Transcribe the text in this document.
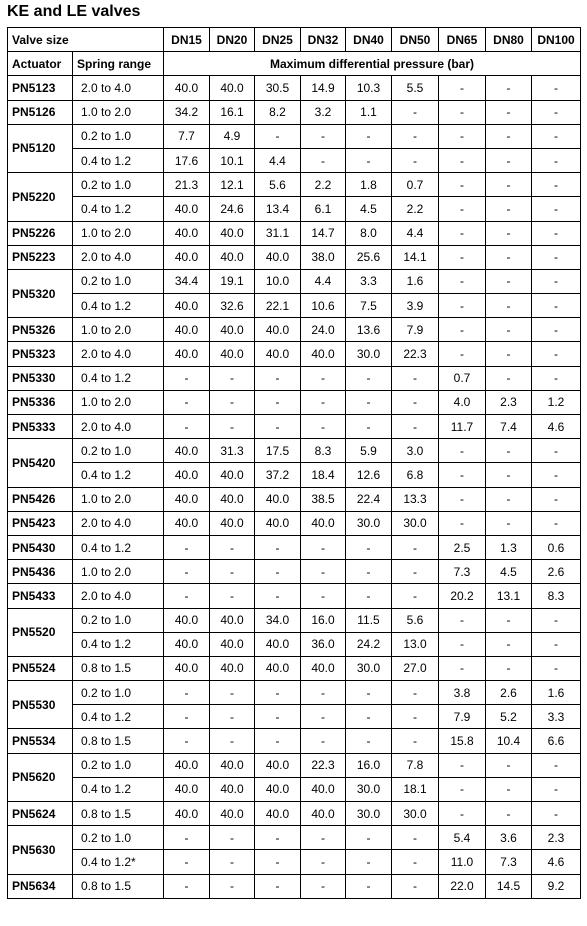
KE and LE valves
Valve size		DN15	DN20	DN25	DN32	DN40	DN50	DN65	DN80	DN100
Actuator	Spring range	Maximum differential pressure (bar)								
PN5123	2.0 to 4.0	40.0	40.0	30.5	14.9	10.3	5.5	-	-	-
PN5126	1.0 to 2.0	34.2	16.1	8.2	3.2	1.1	-	-	-	-
PN5120	0.2 to 1.0	7.7	4.9	-	-	-	-	-	-	-
	0.4 to 1.2	17.6	10.1	4.4	-	-	-	-	-	-
PN5220	0.2 to 1.0	21.3	12.1	5.6	2.2	1.8	0.7	-	-	-
	0.4 to 1.2	40.0	24.6	13.4	6.1	4.5	2.2	-	-	-
PN5226	1.0 to 2.0	40.0	40.0	31.1	14.7	8.0	4.4	-	-	-
PN5223	2.0 to 4.0	40.0	40.0	40.0	38.0	25.6	14.1	-	-	-
PN5320	0.2 to 1.0	34.4	19.1	10.0	4.4	3.3	1.6	-	-	-
	0.4 to 1.2	40.0	32.6	22.1	10.6	7.5	3.9	-	-	-
PN5326	1.0 to 2.0	40.0	40.0	40.0	24.0	13.6	7.9	-	-	-
PN5323	2.0 to 4.0	40.0	40.0	40.0	40.0	30.0	22.3	-	-	-
PN5330	0.4 to 1.2	-	-	-	-	-	-	0.7	-	-
PN5336	1.0 to 2.0	-	-	-	-	-	-	4.0	2.3	1.2
PN5333	2.0 to 4.0	-	-	-	-	-	-	11.7	7.4	4.6
PN5420	0.2 to 1.0	40.0	31.3	17.5	8.3	5.9	3.0	-	-	-
	0.4 to 1.2	40.0	40.0	37.2	18.4	12.6	6.8	-	-	-
PN5426	1.0 to 2.0	40.0	40.0	40.0	38.5	22.4	13.3	-	-	-
PN5423	2.0 to 4.0	40.0	40.0	40.0	40.0	30.0	30.0	-	-	-
PN5430	0.4 to 1.2	-	-	-	-	-	-	2.5	1.3	0.6
PN5436	1.0 to 2.0	-	-	-	-	-	-	7.3	4.5	2.6
PN5433	2.0 to 4.0	-	-	-	-	-	-	20.2	13.1	8.3
PN5520	0.2 to 1.0	40.0	40.0	34.0	16.0	11.5	5.6	-	-	-
	0.4 to 1.2	40.0	40.0	40.0	36.0	24.2	13.0	-	-	-
PN5524	0.8 to 1.5	40.0	40.0	40.0	40.0	30.0	27.0	-	-	-
PN5530	0.2 to 1.0	-	-	-	-	-	-	3.8	2.6	1.6
	0.4 to 1.2	-	-	-	-	-	-	7.9	5.2	3.3
PN5534	0.8 to 1.5	-	-	-	-	-	-	15.8	10.4	6.6
PN5620	0.2 to 1.0	40.0	40.0	40.0	22.3	16.0	7.8	-	-	-
	0.4 to 1.2	40.0	40.0	40.0	40.0	30.0	18.1	-	-	-
PN5624	0.8 to 1.5	40.0	40.0	40.0	40.0	30.0	30.0	-	-	-
PN5630	0.2 to 1.0	-	-	-	-	-	-	5.4	3.6	2.3
	0.4 to 1.2*	-	-	-	-	-	-	11.0	7.3	4.6
PN5634	0.8 to 1.5	-	-	-	-	-	-	22.0	14.5	9.2
